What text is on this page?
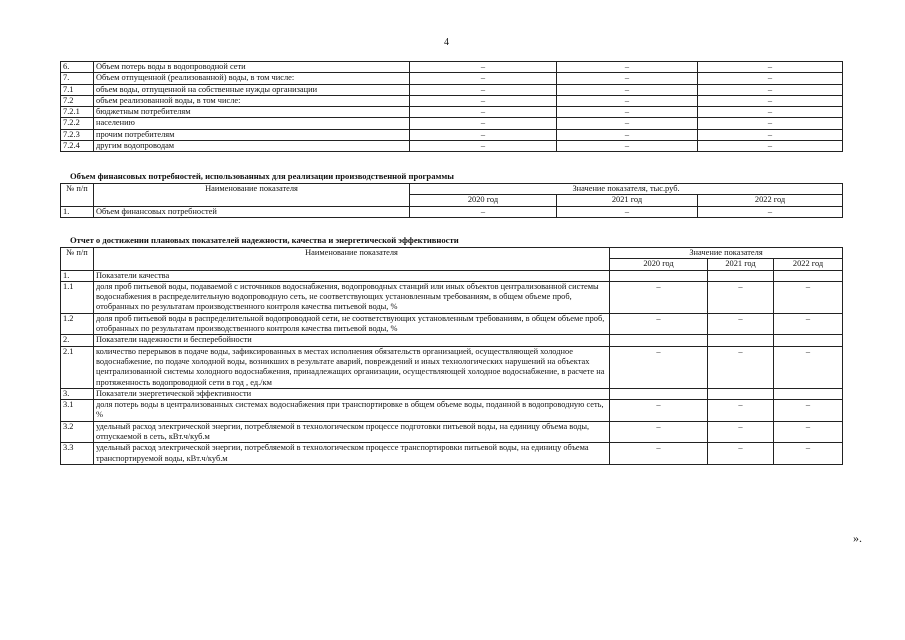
4
6.	Объем потерь воды в водопроводной сети	–	–	–
7.	Объем отпущенной (реализованной) воды, в том числе:	–	–	–
7.1	объем воды, отпущенной на собственные нужды организации	–	–	–
7.2	объем реализованной воды, в том числе:	–	–	–
7.2.1	бюджетным потребителям	–	–	–
7.2.2	населению	–	–	–
7.2.3	прочим потребителям	–	–	–
7.2.4	другим водопроводам	–	–	–
Объем финансовых потребностей, использованных для реализации производственной программы
№ п/п	Наименование показателя	Значение показателя, тыс.руб.		
		2020 год	2021 год	2022 год
1.	Объем финансовых потребностей	–	–	–
Отчет о достижении плановых показателей надежности, качества и энергетической эффективности
№ п/п	Наименование показателя	Значение показателя		
		2020 год	2021 год	2022 год
1.	Показатели качества			
1.1	доля проб питьевой воды, подаваемой с источников водоснабжения, водопроводных станций или иных объектов централизованной системы водоснабжения в распределительную водопроводную сеть, не соответствующих установленным требованиям, в общем объеме проб, отобранных по результатам производственного контроля качества питьевой воды, %	–	–	–
1.2	доля проб питьевой воды в распределительной водопроводной сети, не соответствующих установленным требованиям, в общем объеме проб, отобранных по результатам производственного контроля качества питьевой воды, %	–	–	–
2.	Показатели надежности и бесперебойности			
2.1	количество перерывов в подаче воды, зафиксированных в местах исполнения обязательств организацией, осуществляющей холодное водоснабжение, по подаче холодной воды, возникших в результате аварий, повреждений и иных технологических нарушений на объектах централизованной системы холодного водоснабжения, принадлежащих организации, осуществляющей холодное водоснабжение, в расчете на протяженность водопроводной сети в год , ед./км	–	–	–
3.	Показатели энергетической эффективности			
3.1	доля потерь воды в централизованных системах водоснабжения при транспортировке в общем объеме воды, поданной в водопроводную сеть, %	–	–	–
3.2	удельный расход электрической энергии, потребляемой в технологическом процессе подготовки питьевой воды, на единицу объема воды, отпускаемой в сеть, кВт.ч/куб.м	–	–	–
3.3	удельный расход электрической энергии, потребляемой в технологическом процессе транспортировки питьевой воды, на единицу объема транспортируемой воды, кВт.ч/куб.м	–	–	–
».
